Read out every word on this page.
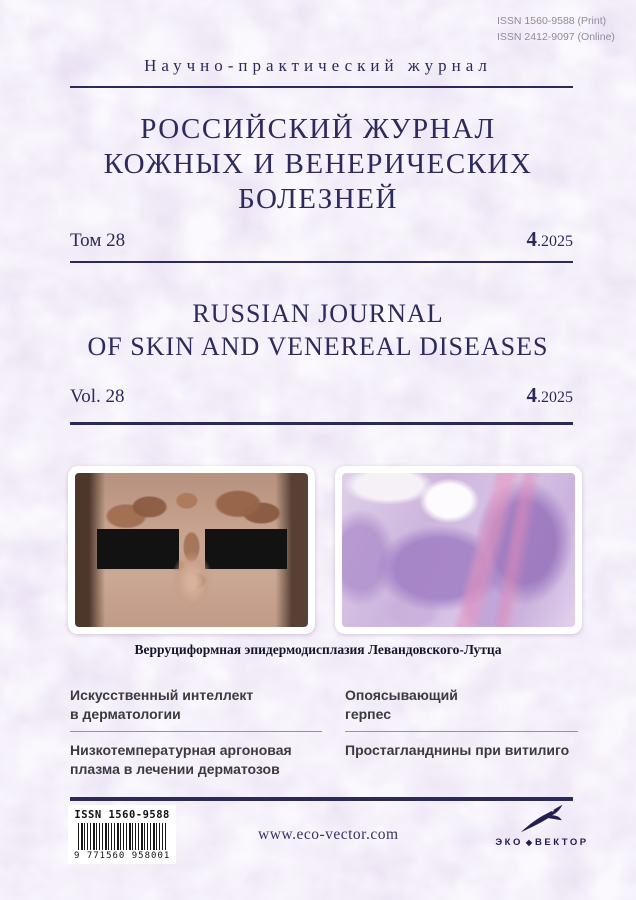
ISSN 1560-9588 (Print)
ISSN 2412-9097 (Online)
Научно-практический журнал
РОССИЙСКИЙ ЖУРНАЛ
КОЖНЫХ И ВЕНЕРИЧЕСКИХ
БОЛЕЗНЕЙ
Том 28	4.2025
RUSSIAN JOURNAL
OF SKIN AND VENEREAL DISEASES
Vol. 28	4.2025
Верруциформная эпидермодисплазия Левандовского-Лутца
Искусственный интеллект
в дерматологии
Низкотемпературная аргоновая
плазма в лечении дерматозов
Опоясывающий
герпес
Простагланднины при витилиго
ISSN 1560-9588
9 771560 958001
www.eco-vector.com	ЭКО ◆ ВЕКТОР
